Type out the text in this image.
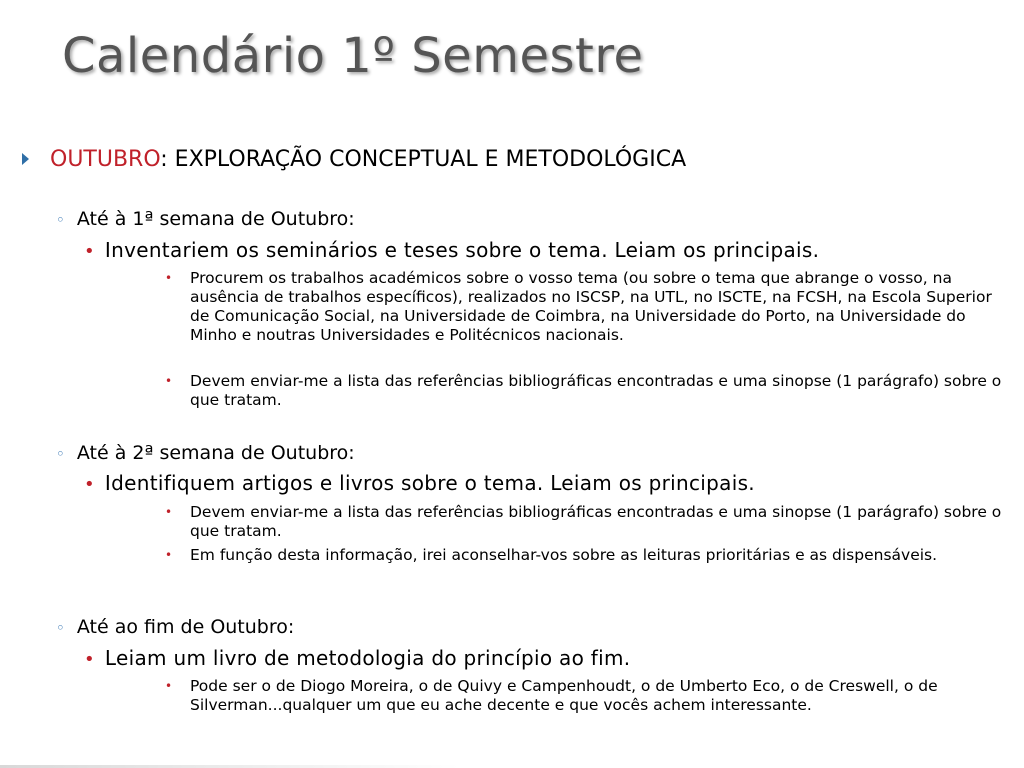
Calendário 1º Semestre
OUTUBRO: EXPLORAÇÃO CONCEPTUAL E METODOLÓGICA
◦ Até à 1ª semana de Outubro:
• Inventariem os seminários e teses sobre o tema. Leiam os principais.
• Procurem os trabalhos académicos sobre o vosso tema (ou sobre o tema que abrange o vosso, na ausência de trabalhos específicos), realizados no ISCSP, na UTL, no ISCTE, na FCSH, na Escola Superior de Comunicação Social, na Universidade de Coimbra, na Universidade do Porto, na Universidade do Minho e noutras Universidades e Politécnicos nacionais.
• Devem enviar-me a lista das referências bibliográficas encontradas e uma sinopse (1 parágrafo) sobre o que tratam.
◦ Até à 2ª semana de Outubro:
• Identifiquem artigos e livros sobre o tema. Leiam os principais.
• Devem enviar-me a lista das referências bibliográficas encontradas e uma sinopse (1 parágrafo) sobre o que tratam.
• Em função desta informação, irei aconselhar-vos sobre as leituras prioritárias e as dispensáveis.
◦ Até ao fim de Outubro:
• Leiam um livro de metodologia do princípio ao fim.
• Pode ser o de Diogo Moreira, o de Quivy e Campenhoudt, o de Umberto Eco, o de Creswell, o de Silverman...qualquer um que eu ache decente e que vocês achem interessante.
